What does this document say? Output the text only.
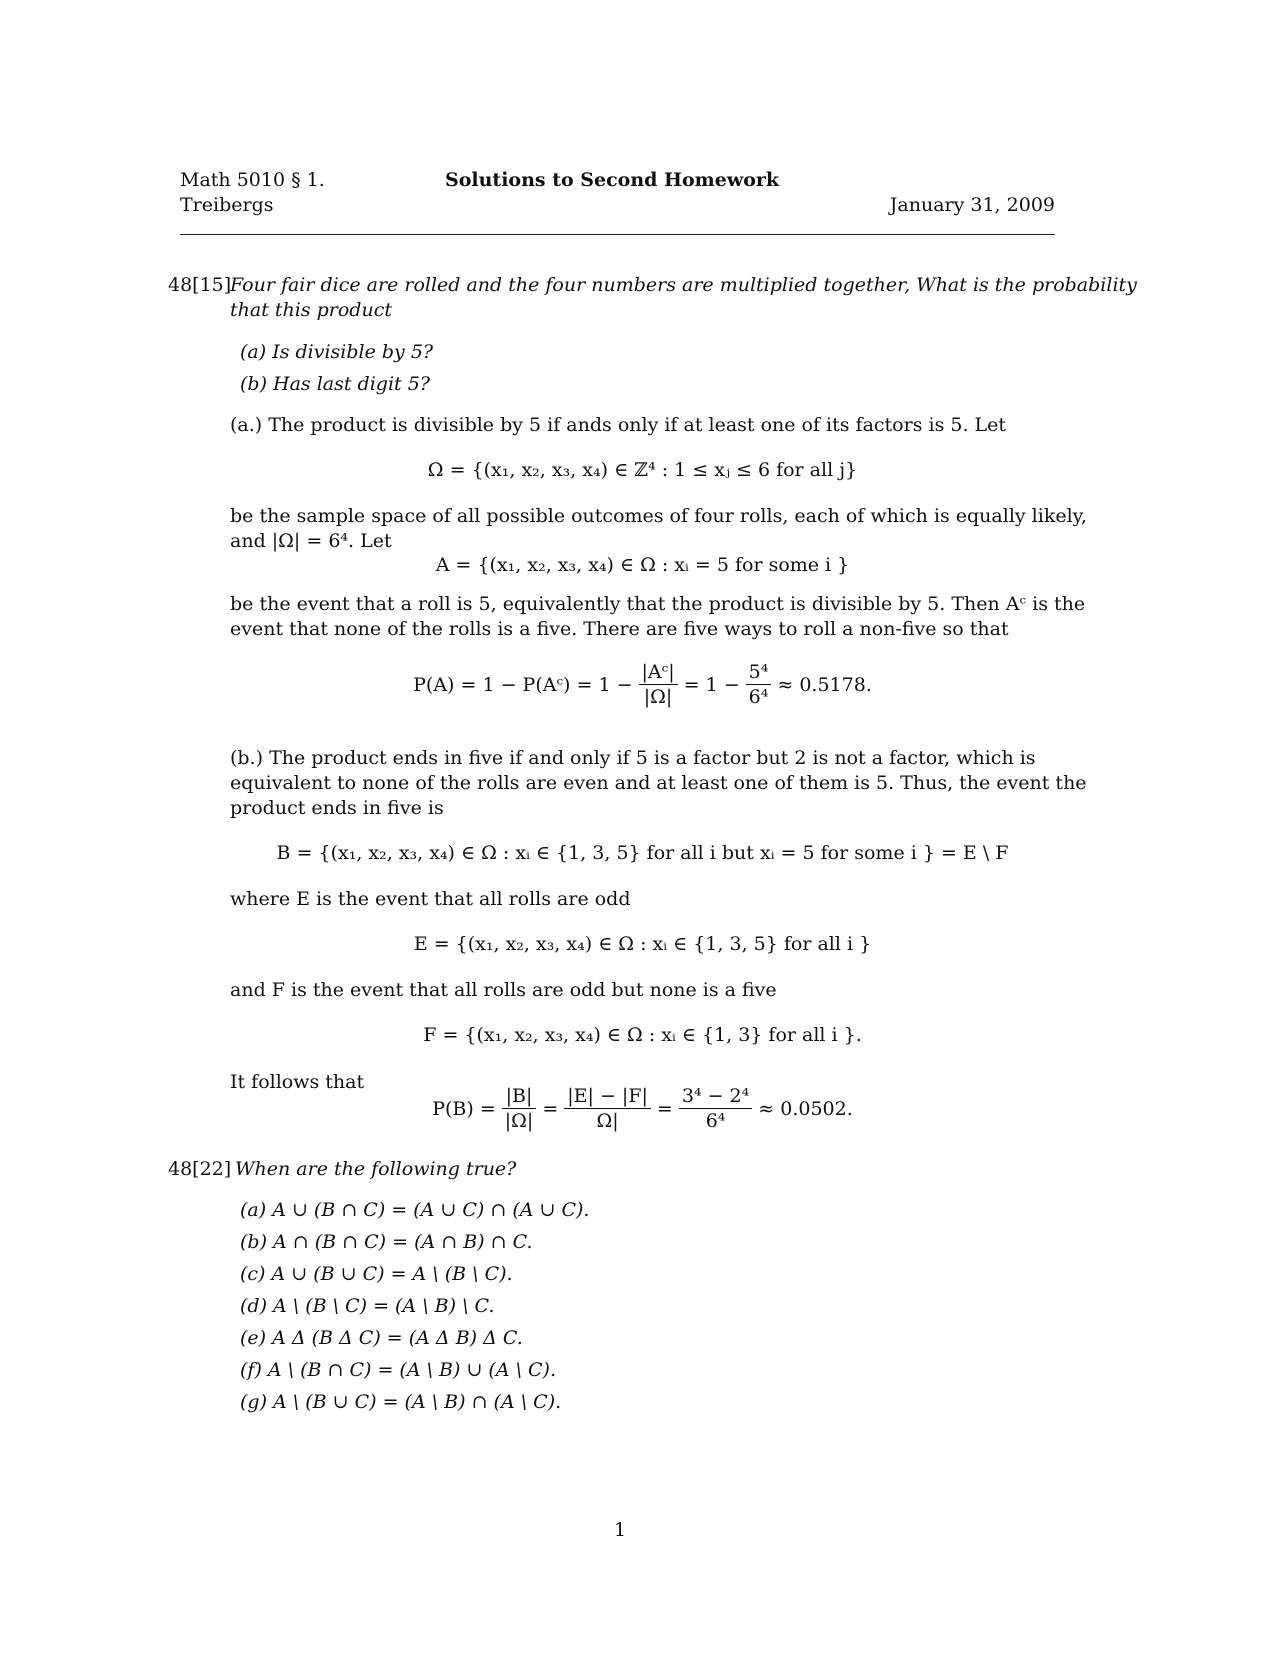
Math 5010 § 1.
Treibergs
Solutions to Second Homework
January 31, 2009
48[15]
Four fair dice are rolled and the four numbers are multiplied together, What is the probability
that this product
(a) Is divisible by 5?
(b) Has last digit 5?
(a.) The product is divisible by 5 if ands only if at least one of its factors is 5. Let
Ω = {(x₁, x₂, x₃, x₄) ∈ ℤ⁴ : 1 ≤ xⱼ ≤ 6 for all j}
be the sample space of all possible outcomes of four rolls, each of which is equally likely,
and |Ω| = 6⁴. Let
A = {(x₁, x₂, x₃, x₄) ∈ Ω : xᵢ = 5 for some i }
be the event that a roll is 5, equivalently that the product is divisible by 5. Then Aᶜ is the
event that none of the rolls is a five. There are five ways to roll a non-five so that
P(A) = 1 − P(Aᶜ) = $1 - \frac{\text{|Aᶜ|}}{|\Omega|} = 1 - \frac{\text{5⁴}}{\text{6⁴}} \approx 0.5178$.
(b.) The product ends in five if and only if 5 is a factor but 2 is not a factor, which is
equivalent to none of the rolls are even and at least one of them is 5. Thus, the event the
product ends in five is
B = {(x₁, x₂, x₃, x₄) ∈ Ω : xᵢ ∈ {1, 3, 5} for all i but xᵢ = 5 for some i } = E \ F
where E is the event that all rolls are odd
E = {(x₁, x₂, x₃, x₄) ∈ Ω : xᵢ ∈ {1, 3, 5} for all i }
and F is the event that all rolls are odd but none is a five
F = {(x₁, x₂, x₃, x₄) ∈ Ω : xᵢ ∈ {1, 3} for all i }.
It follows that
$P(B) = \frac{|B|}{|\Omega|} = \frac{|E| - |F|}{\Omega|} = \frac{\text{3⁴ − 2⁴}}{\text{6⁴}} \approx 0.0502$.
48[22] When are the following true?
(a) A ∪ (B ∩ C) = (A ∪ C) ∩ (A ∪ C).
(b) A ∩ (B ∩ C) = (A ∩ B) ∩ C.
(c) A ∪ (B ∪ C) = A \ (B \ C).
(d) A \ (B \ C) = (A \ B) \ C.
(e) A Δ (B Δ C) = (A Δ B) Δ C.
(f) A \ (B ∩ C) = (A \ B) ∪ (A \ C).
(g) A \ (B ∪ C) = (A \ B) ∩ (A \ C).
1
